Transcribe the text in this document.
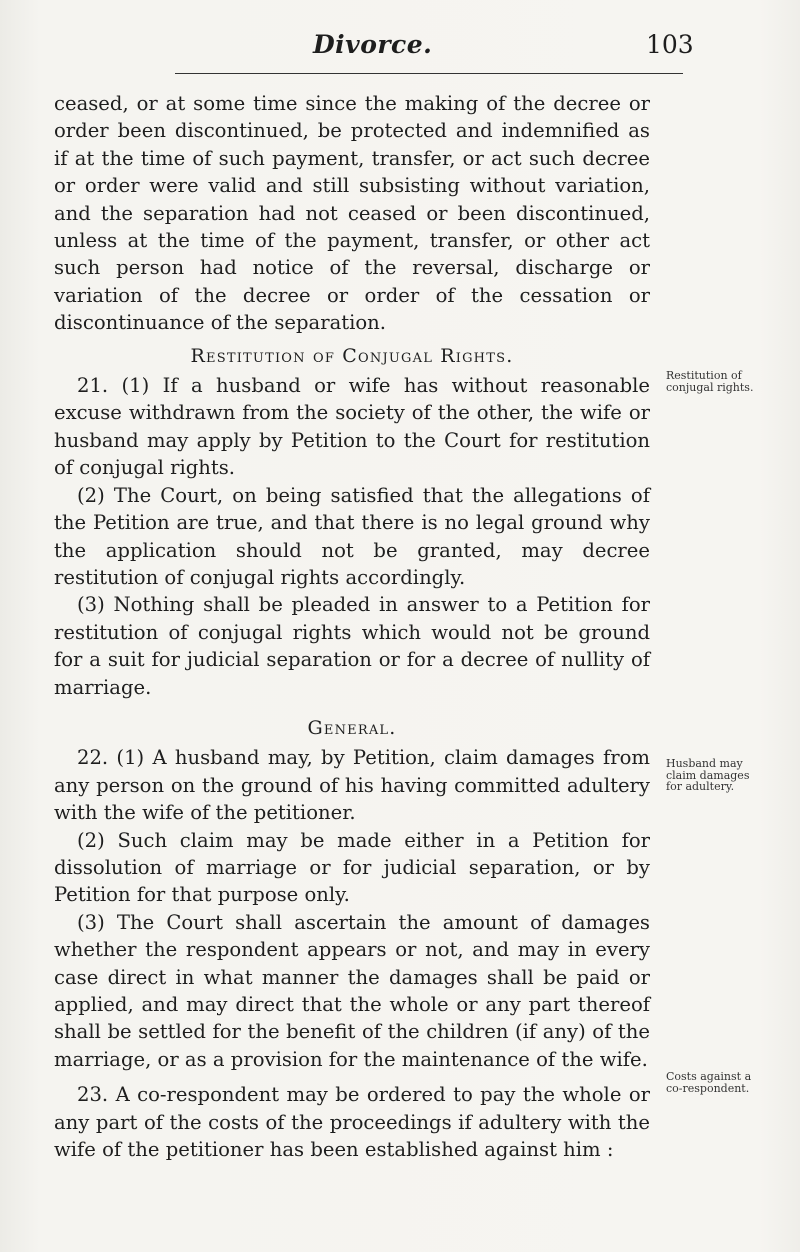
Divorce.	103

ceased, or at some time since the making of the decree or order been discontinued, be protected and indemnified as if at the time of such payment, transfer, or act such decree or order were valid and still subsisting without variation, and the separation had not ceased or been discontinued, unless at the time of the payment, transfer, or other act such person had notice of the reversal, discharge or variation of the decree or order of the cessation or discontinuance of the separation.

Restitution of Conjugal Rights.

21. (1) If a husband or wife has without reasonable excuse withdrawn from the society of the other, the wife or husband may apply by Petition to the Court for restitution of conjugal rights.

(2) The Court, on being satisfied that the allegations of the Petition are true, and that there is no legal ground why the application should not be granted, may decree restitution of conjugal rights accordingly.

(3) Nothing shall be pleaded in answer to a Petition for restitution of conjugal rights which would not be ground for a suit for judicial separation or for a decree of nullity of marriage.

General.

22. (1) A husband may, by Petition, claim damages from any person on the ground of his having committed adultery with the wife of the petitioner.

(2) Such claim may be made either in a Petition for dissolution of marriage or for judicial separation, or by Petition for that purpose only.

(3) The Court shall ascertain the amount of damages whether the respondent appears or not, and may in every case direct in what manner the damages shall be paid or applied, and may direct that the whole or any part thereof shall be settled for the benefit of the children (if any) of the marriage, or as a provision for the maintenance of the wife.

23. A co-respondent may be ordered to pay the whole or any part of the costs of the proceedings if adultery with the wife of the petitioner has been established against him :

Restitution of
conjugal rights.
Husband may
claim damages
for adultery.
Costs against a
co-respondent.
